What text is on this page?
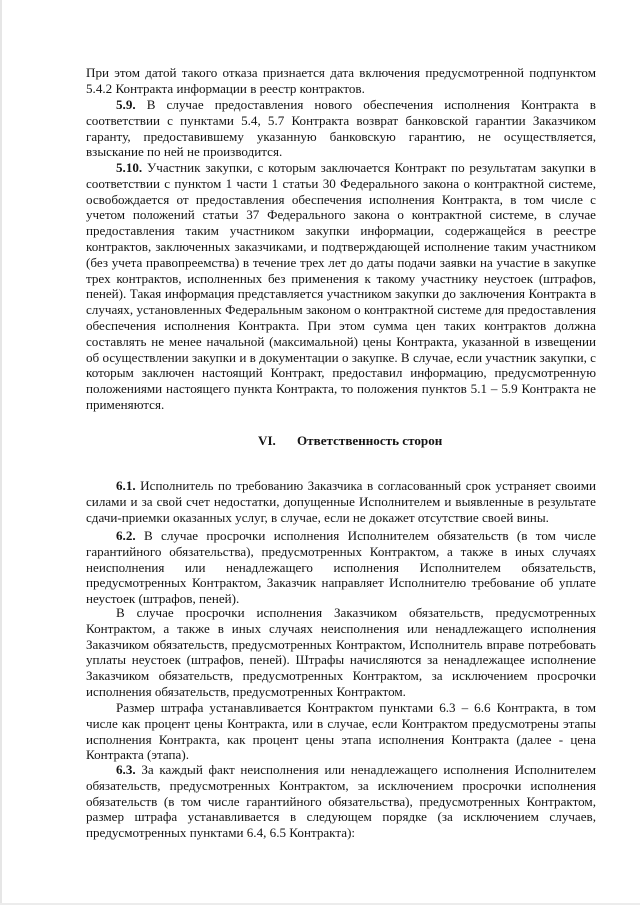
При этом датой такого отказа признается дата включения предусмотренной подпунктом 5.4.2 Контракта информации в реестр контрактов.

5.9. В случае предоставления нового обеспечения исполнения Контракта в соответствии с пунктами 5.4, 5.7 Контракта возврат банковской гарантии Заказчиком гаранту, предоставившему указанную банковскую гарантию, не осуществляется, взыскание по ней не производится.

5.10. Участник закупки, с которым заключается Контракт по результатам закупки в соответствии с пунктом 1 части 1 статьи 30 Федерального закона о контрактной системе, освобождается от предоставления обеспечения исполнения Контракта, в том числе с учетом положений статьи 37 Федерального закона о контрактной системе, в случае предоставления таким участником закупки информации, содержащейся в реестре контрактов, заключенных заказчиками, и подтверждающей исполнение таким участником (без учета правопреемства) в течение трех лет до даты подачи заявки на участие в закупке трех контрактов, исполненных без применения к такому участнику неустоек (штрафов, пеней). Такая информация представляется участником закупки до заключения Контракта в случаях, установленных Федеральным законом о контрактной системе для предоставления обеспечения исполнения Контракта. При этом сумма цен таких контрактов должна составлять не менее начальной (максимальной) цены Контракта, указанной в извещении об осуществлении закупки и в документации о закупке. В случае, если участник закупки, с которым заключен настоящий Контракт, предоставил информацию, предусмотренную положениями настоящего пункта Контракта, то положения пунктов 5.1 – 5.9 Контракта не применяются.

VI. Ответственность сторон

6.1. Исполнитель по требованию Заказчика в согласованный срок устраняет своими силами и за свой счет недостатки, допущенные Исполнителем и выявленные в результате сдачи-приемки оказанных услуг, в случае, если не докажет отсутствие своей вины.

6.2. В случае просрочки исполнения Исполнителем обязательств (в том числе гарантийного обязательства), предусмотренных Контрактом, а также в иных случаях неисполнения или ненадлежащего исполнения Исполнителем обязательств, предусмотренных Контрактом, Заказчик направляет Исполнителю требование об уплате неустоек (штрафов, пеней).

В случае просрочки исполнения Заказчиком обязательств, предусмотренных Контрактом, а также в иных случаях неисполнения или ненадлежащего исполнения Заказчиком обязательств, предусмотренных Контрактом, Исполнитель вправе потребовать уплаты неустоек (штрафов, пеней). Штрафы начисляются за ненадлежащее исполнение Заказчиком обязательств, предусмотренных Контрактом, за исключением просрочки исполнения обязательств, предусмотренных Контрактом.

Размер штрафа устанавливается Контрактом пунктами 6.3 – 6.6 Контракта, в том числе как процент цены Контракта, или в случае, если Контрактом предусмотрены этапы исполнения Контракта, как процент цены этапа исполнения Контракта (далее - цена Контракта (этапа).

6.3. За каждый факт неисполнения или ненадлежащего исполнения Исполнителем обязательств, предусмотренных Контрактом, за исключением просрочки исполнения обязательств (в том числе гарантийного обязательства), предусмотренных Контрактом, размер штрафа устанавливается в следующем порядке (за исключением случаев, предусмотренных пунктами 6.4, 6.5 Контракта):
